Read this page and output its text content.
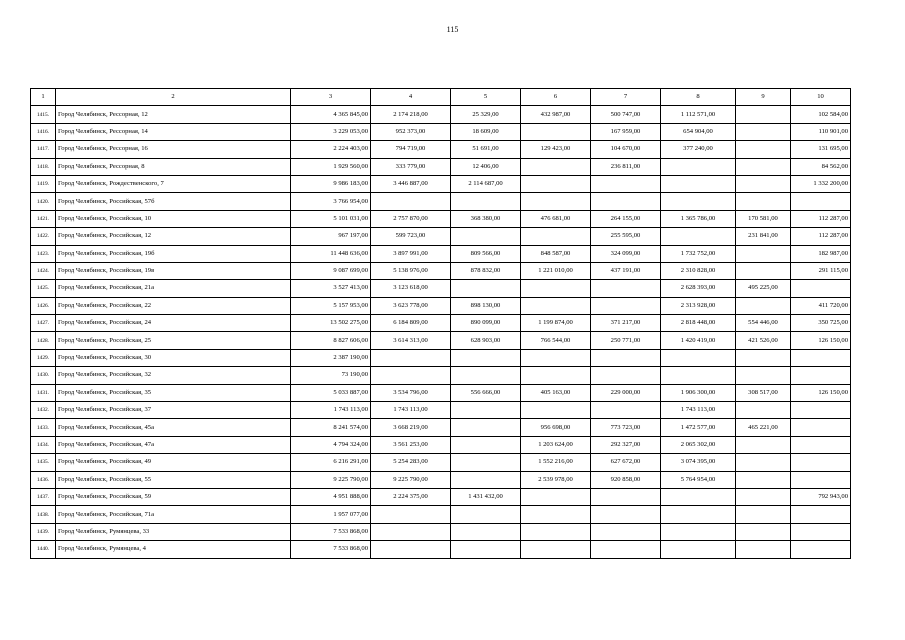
115
1	2	3	4	5	6	7	8	9	10
1415.	Город Челябинск, Рессорная, 12	4 365 845,00	2 174 218,00	25 329,00	432 987,00	500 747,00	1 112 571,00		102 584,00
1416.	Город Челябинск, Рессорная, 14	3 229 053,00	952 373,00	18 609,00		167 959,00	654 904,00		110 901,00
1417.	Город Челябинск, Рессорная, 16	2 224 403,00	794 719,00	51 691,00	129 423,00	104 670,00	377 240,00		131 695,00
1418.	Город Челябинск, Рессорная, 8	1 929 560,00	333 779,00	12 406,00		236 811,00			84 562,00
1419.	Город Челябинск, Рождественского, 7	9 986 183,00	3 446 887,00	2 114 687,00					1 332 200,00
1420.	Город Челябинск, Российская, 57б	3 766 954,00							
1421.	Город Челябинск, Российская, 10	5 101 031,00	2 757 870,00	368 380,00	476 681,00	264 155,00	1 365 786,00	170 581,00	112 287,00
1422.	Город Челябинск, Российская, 12	967 197,00	599 723,00			255 595,00		231 841,00	112 287,00
1423.	Город Челябинск, Российская, 19б	11 448 636,00	3 897 991,00	809 566,00	848 587,00	324 099,00	1 732 752,00		182 987,00
1424.	Город Челябинск, Российская, 19в	9 087 699,00	5 138 976,00	878 832,00	1 221 010,00	437 191,00	2 310 828,00		291 115,00
1425.	Город Челябинск, Российская, 21а	3 527 413,00	3 123 618,00				2 628 393,00	495 225,00	
1426.	Город Челябинск, Российская, 22	5 157 953,00	3 623 778,00	898 130,00			2 313 928,00		411 720,00
1427.	Город Челябинск, Российская, 24	13 502 275,00	6 184 809,00	890 099,00	1 199 874,00	371 217,00	2 818 448,00	554 446,00	350 725,00
1428.	Город Челябинск, Российская, 25	8 827 606,00	3 614 313,00	628 903,00	766 544,00	250 771,00	1 420 419,00	421 526,00	126 150,00
1429.	Город Челябинск, Российская, 30	2 387 190,00							
1430.	Город Челябинск, Российская, 32	73 190,00							
1431.	Город Челябинск, Российская, 35	5 033 887,00	3 534 796,00	556 666,00	405 163,00	229 000,00	1 906 300,00	308 517,00	126 150,00
1432.	Город Челябинск, Российская, 37	1 743 113,00	1 743 113,00				1 743 113,00		
1433.	Город Челябинск, Российская, 45а	8 241 574,00	3 668 219,00		956 698,00	773 723,00	1 472 577,00	465 221,00	
1434.	Город Челябинск, Российская, 47а	4 794 324,00	3 561 253,00		1 203 624,00	292 327,00	2 065 302,00		
1435.	Город Челябинск, Российская, 49	6 216 291,00	5 254 283,00		1 552 216,00	627 672,00	3 074 395,00		
1436.	Город Челябинск, Российская, 55	9 225 790,00	9 225 790,00		2 539 978,00	920 858,00	5 764 954,00		
1437.	Город Челябинск, Российская, 59	4 951 888,00	2 224 375,00	1 431 432,00					792 943,00
1438.	Город Челябинск, Российская, 71а	1 957 077,00							
1439.	Город Челябинск, Румянцева, 33	7 533 868,00							
1440.	Город Челябинск, Румянцева, 4	7 533 868,00							
